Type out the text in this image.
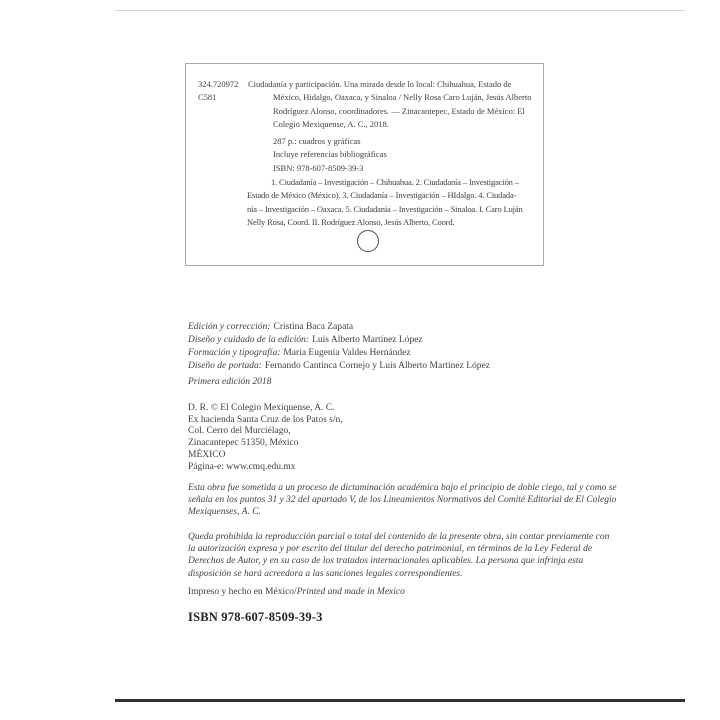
324.720972
C581
Ciudadanía y participación. Una mirada desde lo local: Chihuahua, Estado de
México, Hidalgo, Oaxaca, y Sinaloa / Nelly Rosa Caro Luján, Jesús Alberto
Rodríguez Alonso, coordinadores. — Zinacantepec, Estado de México: El
Colegio Mexiquense, A. C., 2018.
287 p.: cuadros y gráficas
Incluye referencias bibliográficas
ISBN: 978-607-8509-39-3
1. Ciudadanía – Investigación – Chihuahua. 2. Ciudadanía – Investigación –
Estado de México (México). 3. Ciudadanía – Investigación – HIdalgo. 4. Ciudada-
nía – Investigación – Oaxaca. 5. Ciudadanía – Investigación – Sinaloa. I. Caro Luján
Nelly Rosa, Coord. II. Rodríguez Alonso, Jesús Alberto, Coord.
Edición y corrección: Cristina Baca Zapata
Diseño y cuidado de la edición: Luis Alberto Martínez López
Formación y tipografía: María Eugenia Valdes Hernández
Diseño de portada: Fernando Cantinca Cornejo y Luis Alberto Martinez López
Primera edición 2018
D. R. © El Colegio Mexiquense, A. C.
Ex hacienda Santa Cruz de los Patos s/n,
Col. Cerro del Murciélago,
Zinacantepec 51350, México
MÉXICO
Página-e: www.cmq.edu.mx
Esta obra fue sometida a un proceso de dictaminación académica bajo el principio de doble ciego, tal y como se señala en los puntos 31 y 32 del apartado V, de los Lineamientos Normativos del Comité Editorial de El Colegio Mexiquenses, A. C.
Queda prohibida la reproducción parcial o total del contenido de la presente obra, sin contar previamente con la autorización expresa y por escrito del titular del derecho patrimonial, en términos de la Ley Federal de Derechos de Autor, y en su caso de los tratados internacionales aplicables. La persona que infrinja esta disposición se hará acreedora a las sanciones legales correspondientes.
Impreso y hecho en México/Printed and made in Mexico
ISBN 978-607-8509-39-3
